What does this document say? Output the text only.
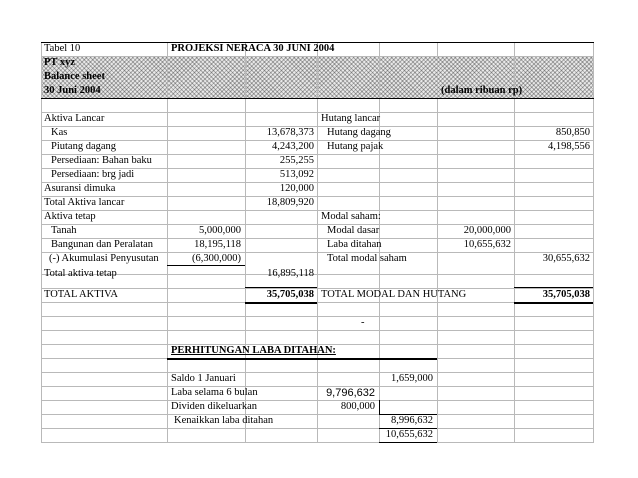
Tabel 10	PROJEKSI NERACA 30 JUNI 2004
PT xyz
Balance sheet
30 Juni 2004	(dalam ribuan rp)
Aktiva Lancar
Kas	13,678,373
Piutang dagang	4,243,200
Persediaan: Bahan baku	255,255
Persediaan: brg jadi	513,092
Asuransi dimuka	120,000
Total Aktiva lancar	18,809,920
Aktiva tetap
Tanah	5,000,000
Bangunan dan Peralatan	18,195,118
(-) Akumulasi Penyusutan	(6,300,000)
Total aktiva tetap	16,895,118
TOTAL AKTIVA	35,705,038
Hutang lancar
Hutang dagang	850,850
Hutang pajak	4,198,556
Modal saham:
Modal dasar	20,000,000
Laba ditahan	10,655,632
Total modal saham	30,655,632
TOTAL MODAL DAN HUTANG	35,705,038
-
PERHITUNGAN LABA DITAHAN:
Saldo 1 Januari	1,659,000
Laba selama 6 bulan	9,796,632
Dividen dikeluarkan	800,000
Kenaikkan laba ditahan	8,996,632
10,655,632
